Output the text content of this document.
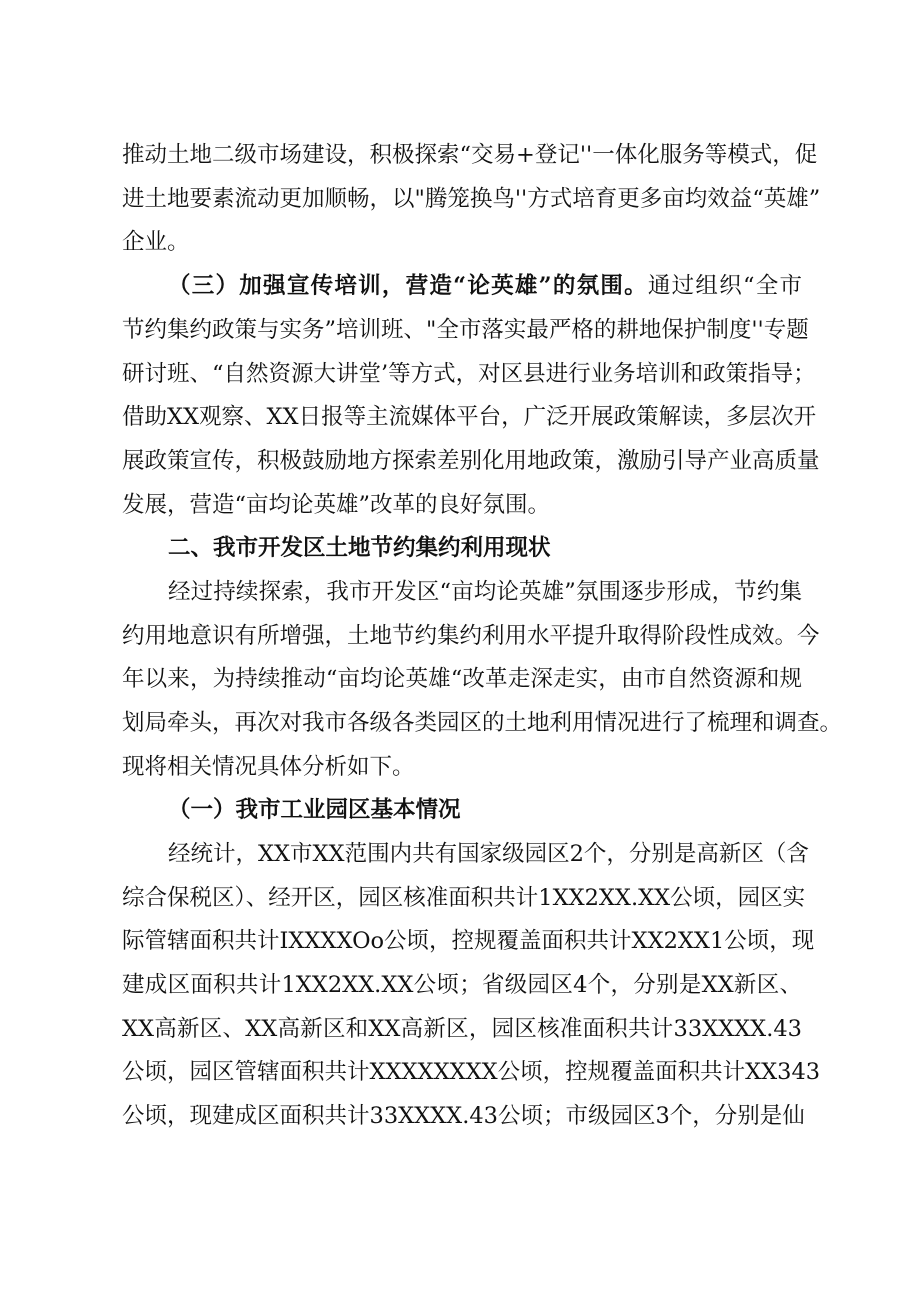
推动土地二级市场建设，积极探索“交易+登记''一体化服务等模式，促
进土地要素流动更加顺畅，以"腾笼换鸟''方式培育更多亩均效益“英雄”
企业。
（三）加强宣传培训，营造“论英雄”的氛围。通过组织“全市
节约集约政策与实务”培训班、"全市落实最严格的耕地保护制度''专题
研讨班、“自然资源大讲堂’等方式，对区县进行业务培训和政策指导；
借助XX观察、XX日报等主流媒体平台，广泛开展政策解读，多层次开
展政策宣传，积极鼓励地方探索差别化用地政策，激励引导产业高质量
发展，营造“亩均论英雄”改革的良好氛围。
二、我市开发区土地节约集约利用现状
经过持续探索，我市开发区“亩均论英雄”氛围逐步形成，节约集
约用地意识有所增强，土地节约集约利用水平提升取得阶段性成效。今
年以来，为持续推动“亩均论英雄“改革走深走实，由市自然资源和规
划局牵头，再次对我市各级各类园区的土地利用情况进行了梳理和调查。
现将相关情况具体分析如下。
（一）我市工业园区基本情况
经统计，XX市XX范围内共有国家级园区2个，分别是高新区（含
综合保税区）、经开区，园区核准面积共计1XX2XX.XX公顷，园区实
际管辖面积共计IXXXXOo公顷，控规覆盖面积共计XX2XX1公顷，现
建成区面积共计1XX2XX.XX公顷；省级园区4个，分别是XX新区、
XX高新区、XX高新区和XX高新区，园区核准面积共计33XXXX.43
公顷，园区管辖面积共计XXXXXXXX公顷，控规覆盖面积共计XX343
公顷，现建成区面积共计33XXXX.43公顷；市级园区3个，分别是仙
